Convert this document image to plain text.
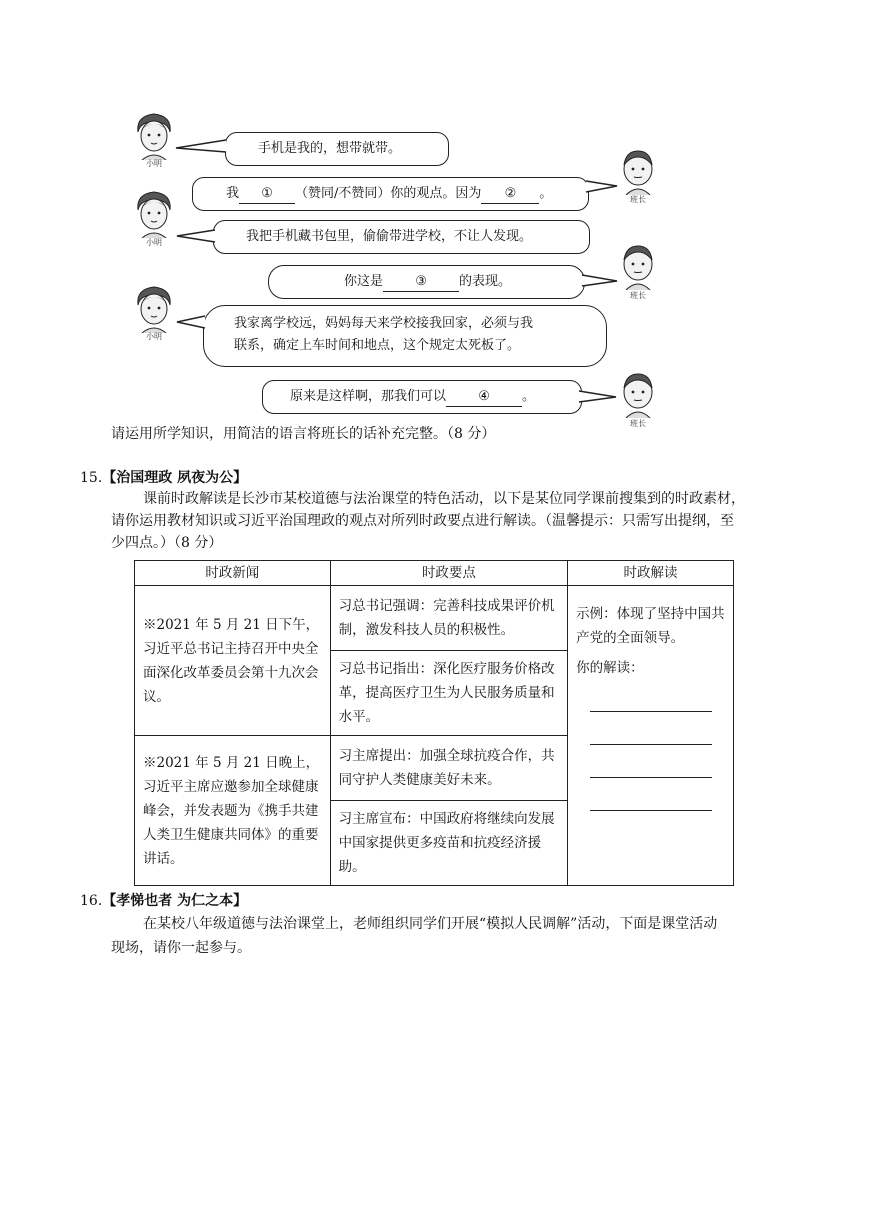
小明
手机是我的，想带就带。
班长
我 ① （赞同/不赞同）你的观点。因为 ② 。
小明	我把手机藏书包里，偷偷带进学校，不让人发现。
班长
你这是 ③ 的表现。
小明
我家离学校远，妈妈每天来学校接我回家，必须与我
联系，确定上车时间和地点，这个规定太死板了。
班长
原来是这样啊，那我们可以 ④ 。
请运用所学知识，用简洁的语言将班长的话补充完整。（8 分）
15.【治国理政 夙夜为公】
课前时政解读是长沙市某校道德与法治课堂的特色活动，以下是某位同学课前搜集到的时政素材，
请你运用教材知识或习近平治国理政的观点对所列时政要点进行解读。（温馨提示：只需写出提纲，至
少四点。）（8 分）
时政新闻	时政要点	时政解读

※2021 年 5 月 21 日下午，习近平总书记主持召开中央全面深化改革委员会第十九次会议。	习总书记强调：完善科技成果评价机制，激发科技人员的积极性。	示例：体现了坚持中国共产党的全面领导。
你的解读：

	习总书记指出：深化医疗服务价格改革，提高医疗卫生为人民服务质量和水平。	

※2021 年 5 月 21 日晚上，习近平主席应邀参加全球健康峰会，并发表题为《携手共建人类卫生健康共同体》的重要讲话。	习主席提出：加强全球抗疫合作，共同守护人类健康美好未来。	

	习主席宣布：中国政府将继续向发展中国家提供更多疫苗和抗疫经济援助。	
16.【孝悌也者 为仁之本】
在某校八年级道德与法治课堂上，老师组织同学们开展“模拟人民调解”活动，下面是课堂活动
现场，请你一起参与。
